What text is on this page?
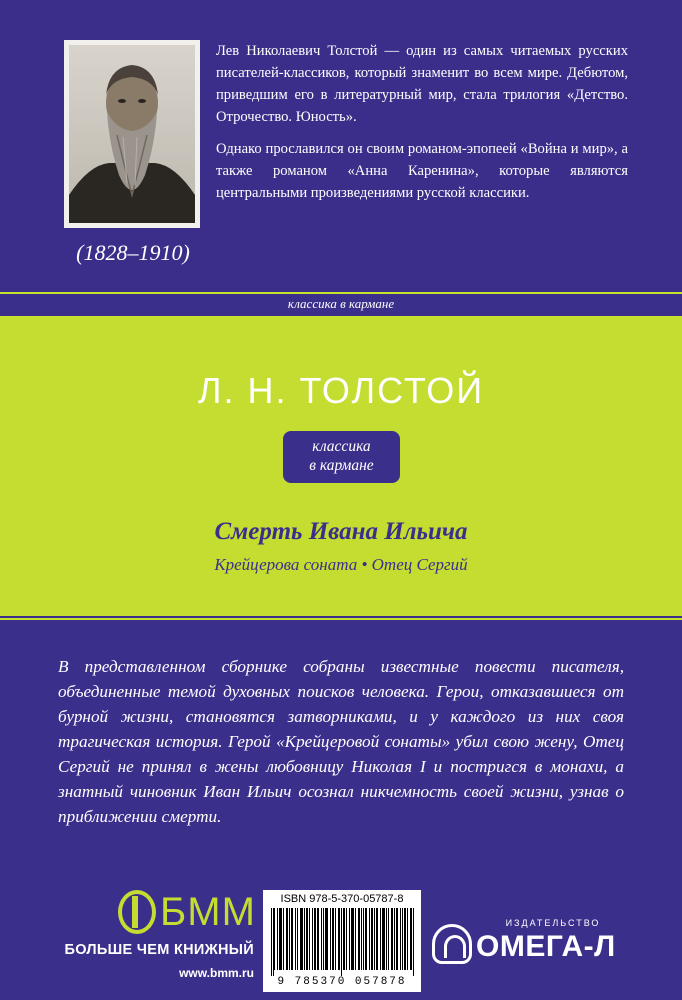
(1828–1910)

Лев Николаевич Толстой — один из самых читаемых русских писателей-классиков, который знаменит во всем мире. Дебютом, приведшим его в литературный мир, стала трилогия «Детство. Отрочество. Юность».

Однако прославился он своим романом-эпопеей «Война и мир», а также романом «Анна Каренина», которые являются центральными произведениями русской классики.

классика в кармане
Л. Н. ТОЛСТОЙ
классика
в кармане
Смерть Ивана Ильича
Крейцерова соната • Отец Сергий
В представленном сборнике собраны известные повести писателя, объединенные темой духовных поисков человека. Герои, отказавшиеся от бурной жизни, становятся затворниками, и у каждого из них своя трагическая история. Герой «Крейцеровой сонаты» убил свою жену, Отец Сергий не принял в жены любовницу Николая I и постригся в монахи, а знатный чиновник Иван Ильич осознал никчемность своей жизни, узнав о приближении смерти.
БММ
БОЛЬШЕ ЧЕМ КНИЖНЫЙ
www.bmm.ru
ISBN 978-5-370-05787-8
9 785370 057878
ИЗДАТЕЛЬСТВО
ОМЕГА-Л
